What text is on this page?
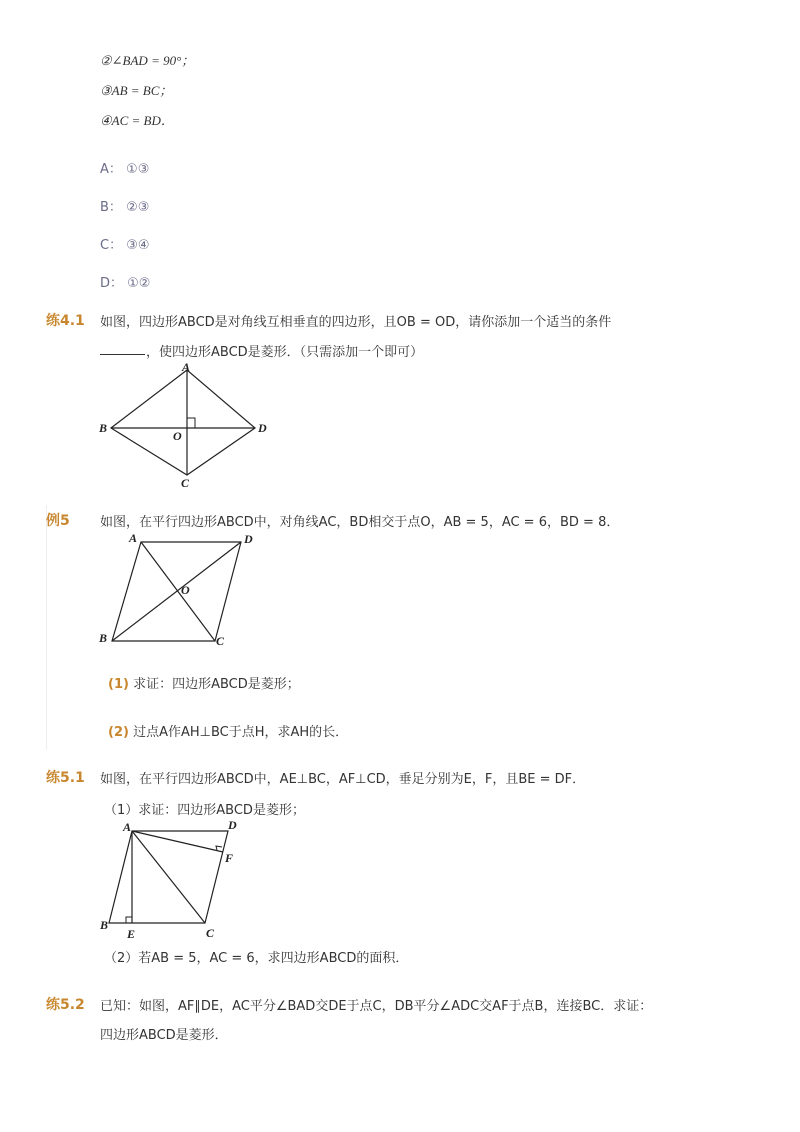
②∠BAD = 90°；
③AB = BC；
④AC = BD．
A： ①③
B： ②③
C： ③④
D： ①②
练4.1 如图，四边形ABCD是对角线互相垂直的四边形，且OB = OD，请你添加一个适当的条件
，使四边形ABCD是菱形．（只需添加一个即可）
A
B
C
D
O
例5 如图，在平行四边形ABCD中，对角线AC，BD相交于点O，AB = 5，AC = 6，BD = 8．
A	D
B	C
O
(1) 求证：四边形ABCD是菱形；
(2) 过点A作AH⊥BC于点H，求AH的长．
练5.1 如图，在平行四边形ABCD中，AE⊥BC，AF⊥CD，垂足分别为E，F，且BE = DF．
（1）求证：四边形ABCD是菱形；
A	D
B
E	C
F
（2）若AB = 5，AC = 6，求四边形ABCD的面积．
练5.2 已知：如图，AF∥DE，AC平分∠BAD交DE于点C，DB平分∠ADC交AF于点B，连接BC．求证：
四边形ABCD是菱形．
